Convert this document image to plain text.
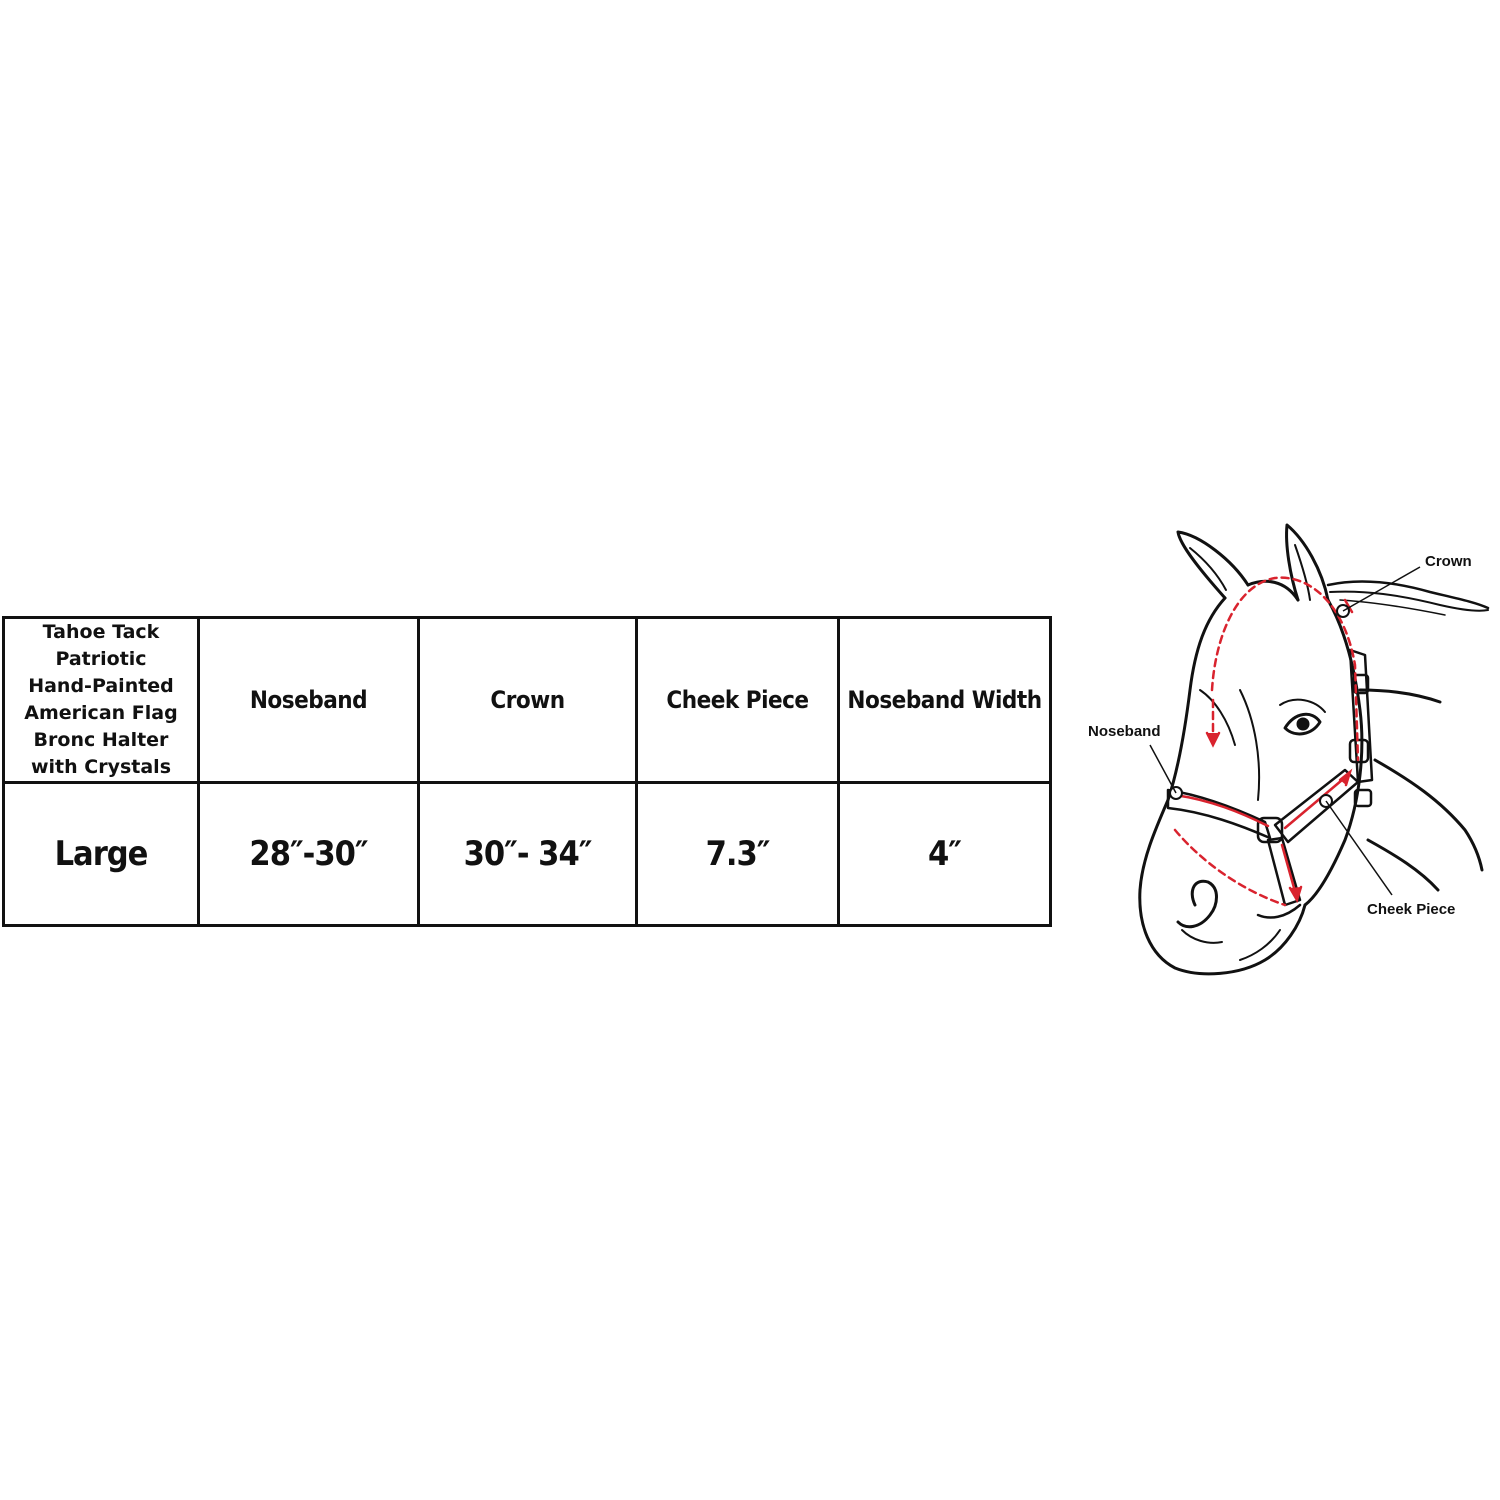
Tahoe Tack Patriotic
Hand-Painted
American Flag
Bronc Halter
with Crystals	Noseband	Crown	Cheek Piece	Noseband Width
Large	28″-30″	30″- 34″	7.3″	4″
Crown
Noseband
Cheek Piece
